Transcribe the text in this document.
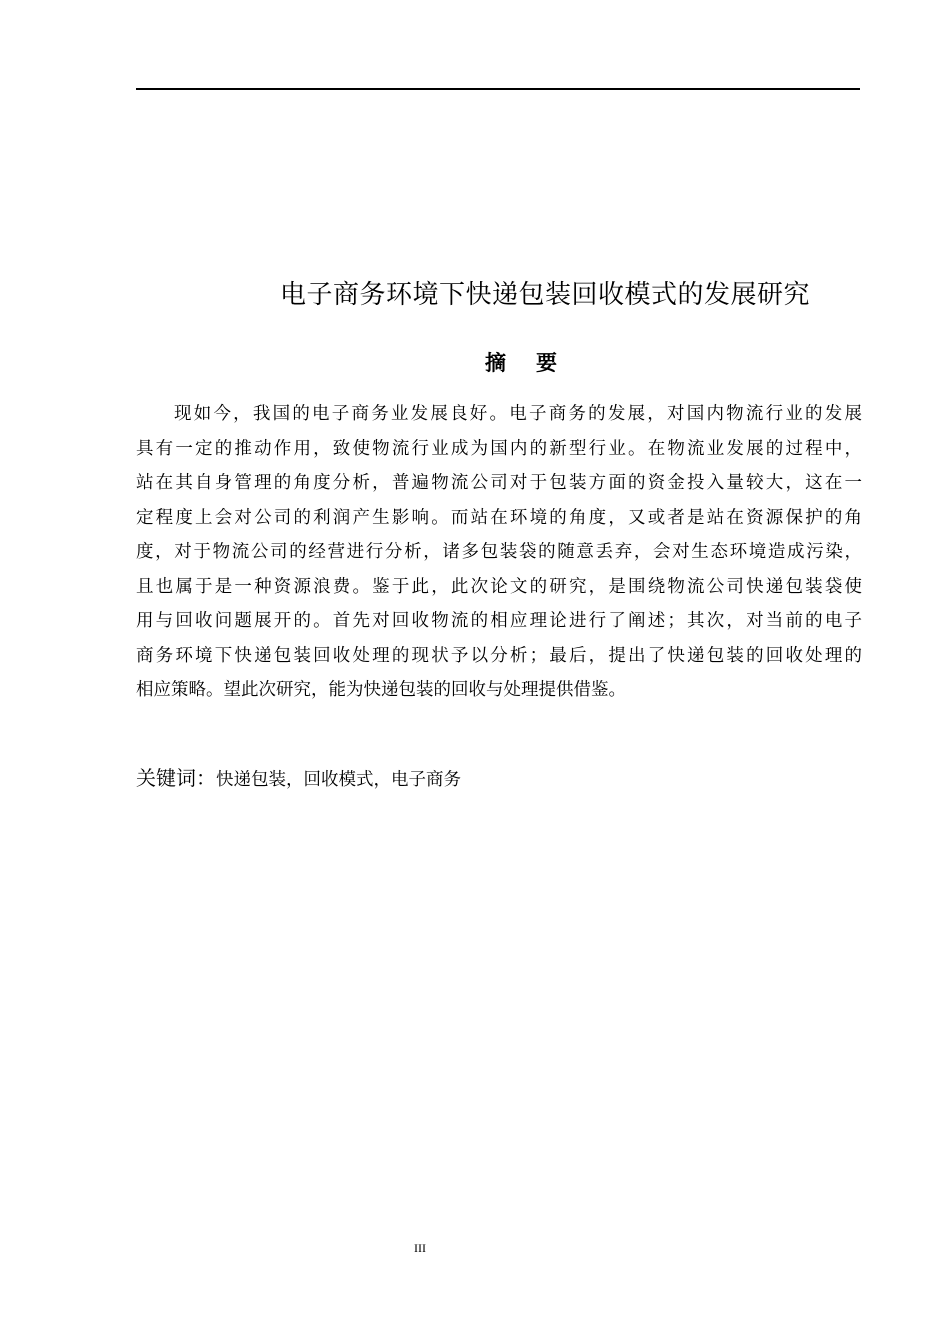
电子商务环境下快递包装回收模式的发展研究
摘要
现如今，我国的电子商务业发展良好。电子商务的发展，对国内物流行业的发展
具有一定的推动作用，致使物流行业成为国内的新型行业。在物流业发展的过程中，
站在其自身管理的角度分析，普遍物流公司对于包装方面的资金投入量较大，这在一
定程度上会对公司的利润产生影响。而站在环境的角度，又或者是站在资源保护的角
度，对于物流公司的经营进行分析，诸多包装袋的随意丢弃，会对生态环境造成污染，
且也属于是一种资源浪费。鉴于此，此次论文的研究，是围绕物流公司快递包装袋使
用与回收问题展开的。首先对回收物流的相应理论进行了阐述；其次，对当前的电子
商务环境下快递包装回收处理的现状予以分析；最后，提出了快递包装的回收处理的
相应策略。望此次研究，能为快递包装的回收与处理提供借鉴。
关键词：快递包装，回收模式，电子商务
III
